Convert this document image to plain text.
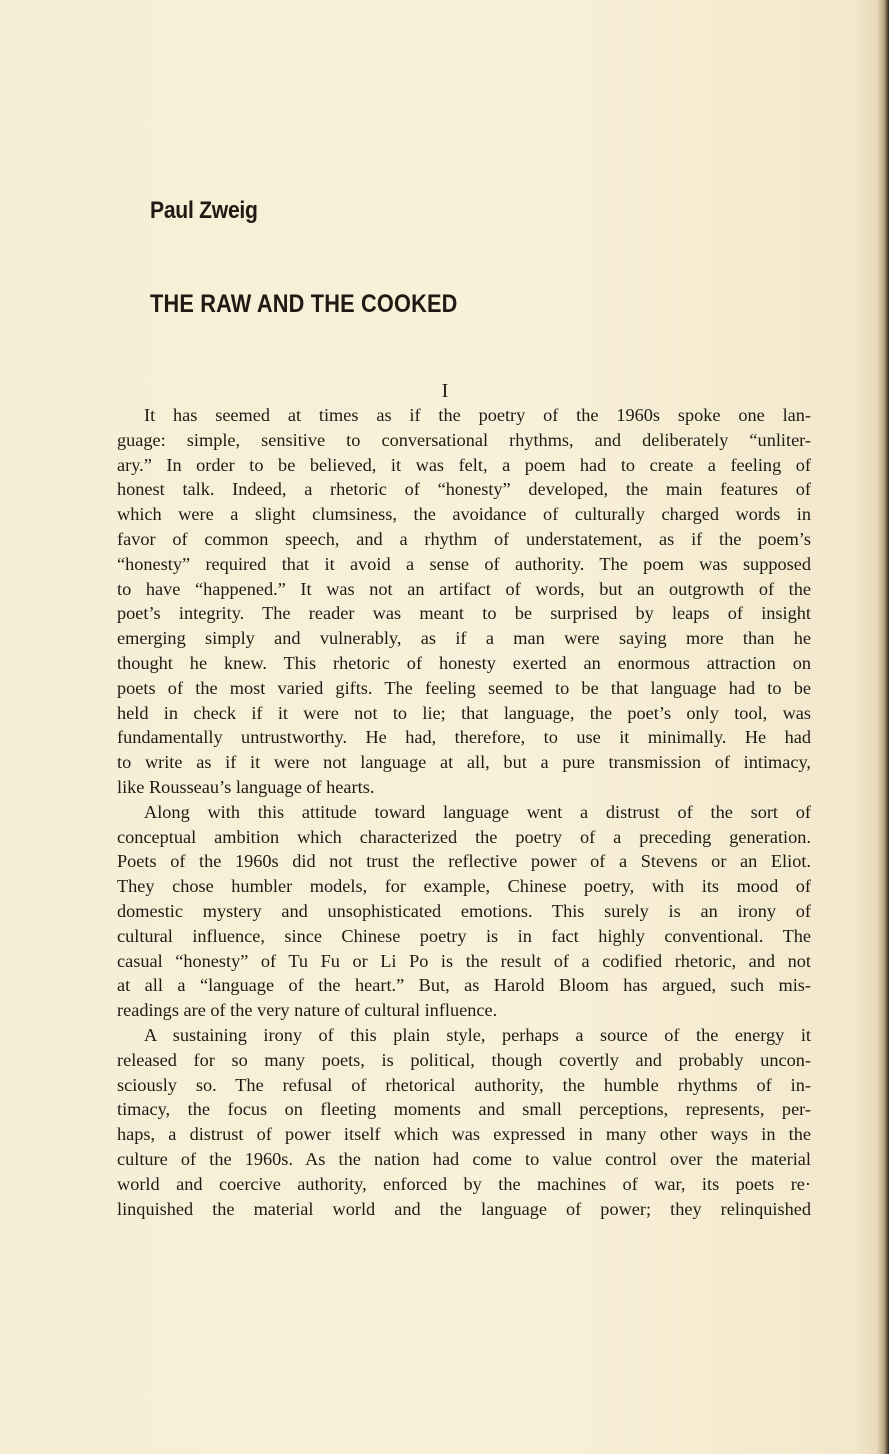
Paul Zweig
THE RAW AND THE COOKED
I
It has seemed at times as if the poetry of the 1960s spoke one lan-
guage: simple, sensitive to conversational rhythms, and deliberately “unliter-
ary.” In order to be believed, it was felt, a poem had to create a feeling of
honest talk. Indeed, a rhetoric of “honesty” developed, the main features of
which were a slight clumsiness, the avoidance of culturally charged words in
favor of common speech, and a rhythm of understatement, as if the poem’s
“honesty” required that it avoid a sense of authority. The poem was supposed
to have “happened.” It was not an artifact of words, but an outgrowth of the
poet’s integrity. The reader was meant to be surprised by leaps of insight
emerging simply and vulnerably, as if a man were saying more than he
thought he knew. This rhetoric of honesty exerted an enormous attraction on
poets of the most varied gifts. The feeling seemed to be that language had to be
held in check if it were not to lie; that language, the poet’s only tool, was
fundamentally untrustworthy. He had, therefore, to use it minimally. He had
to write as if it were not language at all, but a pure transmission of intimacy,
like Rousseau’s language of hearts.
Along with this attitude toward language went a distrust of the sort of
conceptual ambition which characterized the poetry of a preceding generation.
Poets of the 1960s did not trust the reflective power of a Stevens or an Eliot.
They chose humbler models, for example, Chinese poetry, with its mood of
domestic mystery and unsophisticated emotions. This surely is an irony of
cultural influence, since Chinese poetry is in fact highly conventional. The
casual “honesty” of Tu Fu or Li Po is the result of a codified rhetoric, and not
at all a “language of the heart.” But, as Harold Bloom has argued, such mis-
readings are of the very nature of cultural influence.
A sustaining irony of this plain style, perhaps a source of the energy it
released for so many poets, is political, though covertly and probably uncon-
sciously so. The refusal of rhetorical authority, the humble rhythms of in-
timacy, the focus on fleeting moments and small perceptions, represents, per-
haps, a distrust of power itself which was expressed in many other ways in the
culture of the 1960s. As the nation had come to value control over the material
world and coercive authority, enforced by the machines of war, its poets re·
linquished the material world and the language of power; they relinquished
